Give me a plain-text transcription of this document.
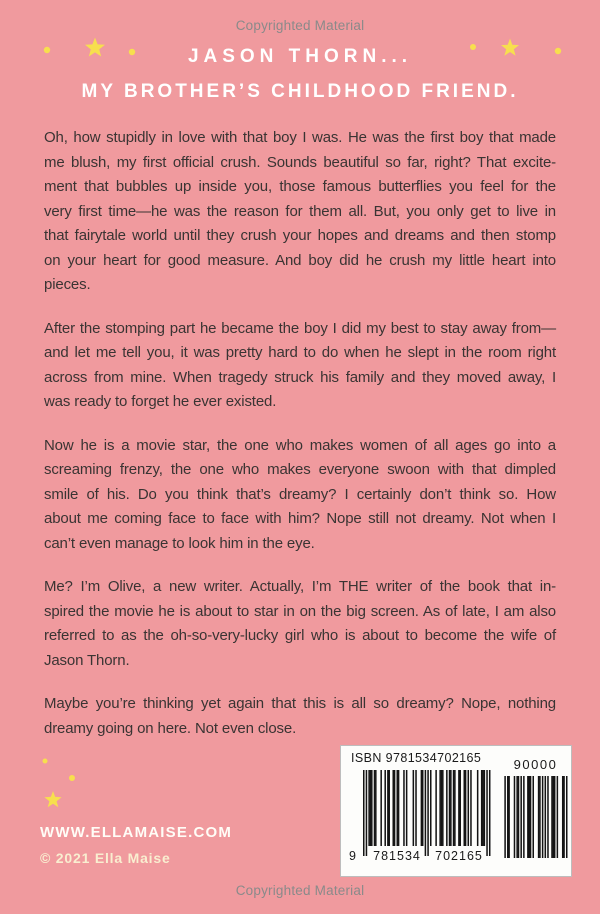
Copyrighted Material
JASON THORN...
MY BROTHER’S CHILDHOOD FRIEND.
Oh, how stupidly in love with that boy I was. He was the first boy that made
me blush, my first official crush. Sounds beautiful so far, right? That excite-
ment that bubbles up inside you, those famous butterflies you feel for the
very first time—he was the reason for them all. But, you only get to live in
that fairytale world until they crush your hopes and dreams and then stomp
on your heart for good measure. And boy did he crush my little heart into
pieces.
After the stomping part he became the boy I did my best to stay away from—
and let me tell you, it was pretty hard to do when he slept in the room right
across from mine. When tragedy struck his family and they moved away, I
was ready to forget he ever existed.
Now he is a movie star, the one who makes women of all ages go into a
screaming frenzy, the one who makes everyone swoon with that dimpled
smile of his. Do you think that’s dreamy? I certainly don’t think so. How
about me coming face to face with him? Nope still not dreamy. Not when I
can’t even manage to look him in the eye.
Me? I’m Olive, a new writer. Actually, I’m THE writer of the book that in-
spired the movie he is about to star in on the big screen. As of late, I am also
referred to as the oh-so-very-lucky girl who is about to become the wife of
Jason Thorn.
Maybe you’re thinking yet again that this is all so dreamy? Nope, nothing
dreamy going on here. Not even close.
WWW.ELLAMAISE.COM
© 2021 Ella Maise
ISBN 9781534702165
9	781534	702165
90000
Copyrighted Material
